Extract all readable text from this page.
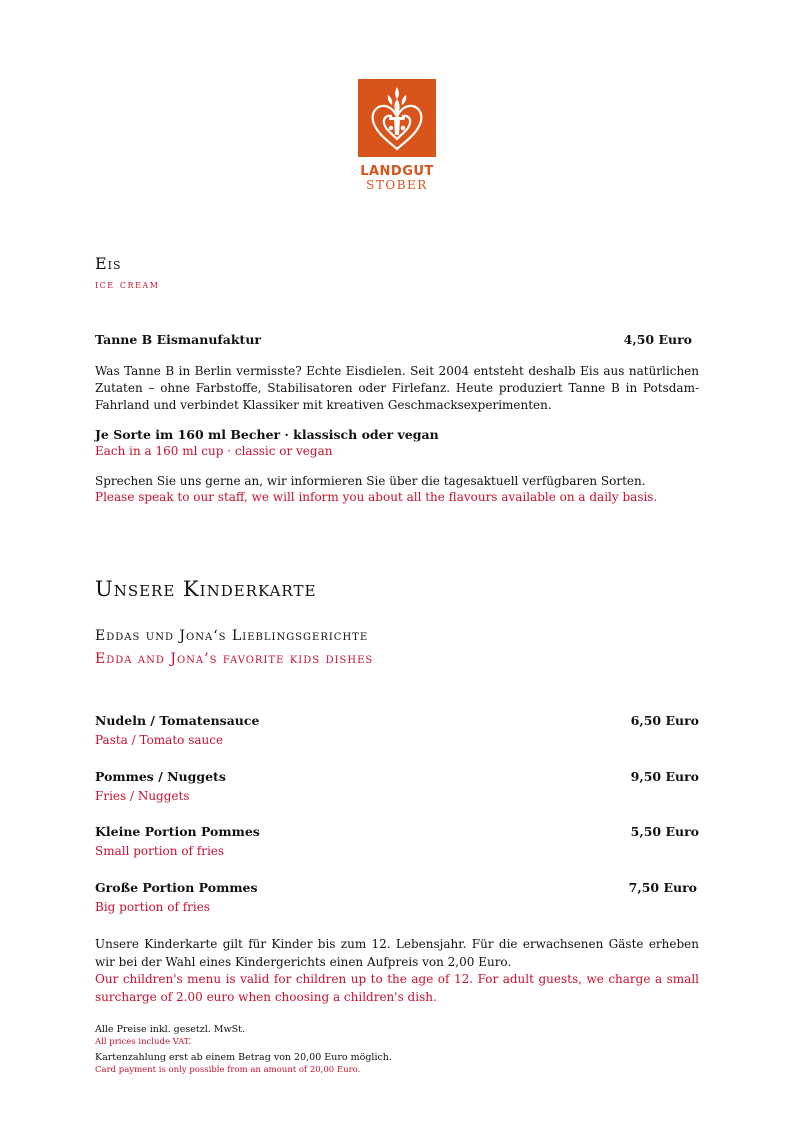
LANDGUT
STOBER
Eis
ice cream
Tanne B Eismanufaktur	4,50 Euro
Was Tanne B in Berlin vermisste? Echte Eisdielen. Seit 2004 entsteht deshalb Eis aus natürlichen Zutaten – ohne Farbstoffe, Stabilisatoren oder Firlefanz. Heute produziert Tanne B in Potsdam-Fahrland und verbindet Klassiker mit kreativen Geschmacksexperimenten.
Je Sorte im 160 ml Becher · klassisch oder vegan
Each in a 160 ml cup · classic or vegan
Sprechen Sie uns gerne an, wir informieren Sie über die tagesaktuell verfügbaren Sorten.
Please speak to our staff, we will inform you about all the flavours available on a daily basis.
Unsere Kinderkarte
Eddas und Jona‘s Lieblingsgerichte
Edda and Jona’s favorite kids dishes
Nudeln / Tomatensauce	6,50 Euro
Pasta / Tomato sauce
Pommes / Nuggets	9,50 Euro
Fries / Nuggets
Kleine Portion Pommes	5,50 Euro
Small portion of fries
Große Portion Pommes	7,50 Euro
Big portion of fries
Unsere Kinderkarte gilt für Kinder bis zum 12. Lebensjahr. Für die erwachsenen Gäste erheben wir bei der Wahl eines Kindergerichts einen Aufpreis von 2,00 Euro.
Our children's menu is valid for children up to the age of 12. For adult guests, we charge a small surcharge of 2.00 euro when choosing a children's dish.
Alle Preise inkl. gesetzl. MwSt.
All prices include VAT.
Kartenzahlung erst ab einem Betrag von 20,00 Euro möglich.
Card payment is only possible from an amount of 20,00 Euro.
